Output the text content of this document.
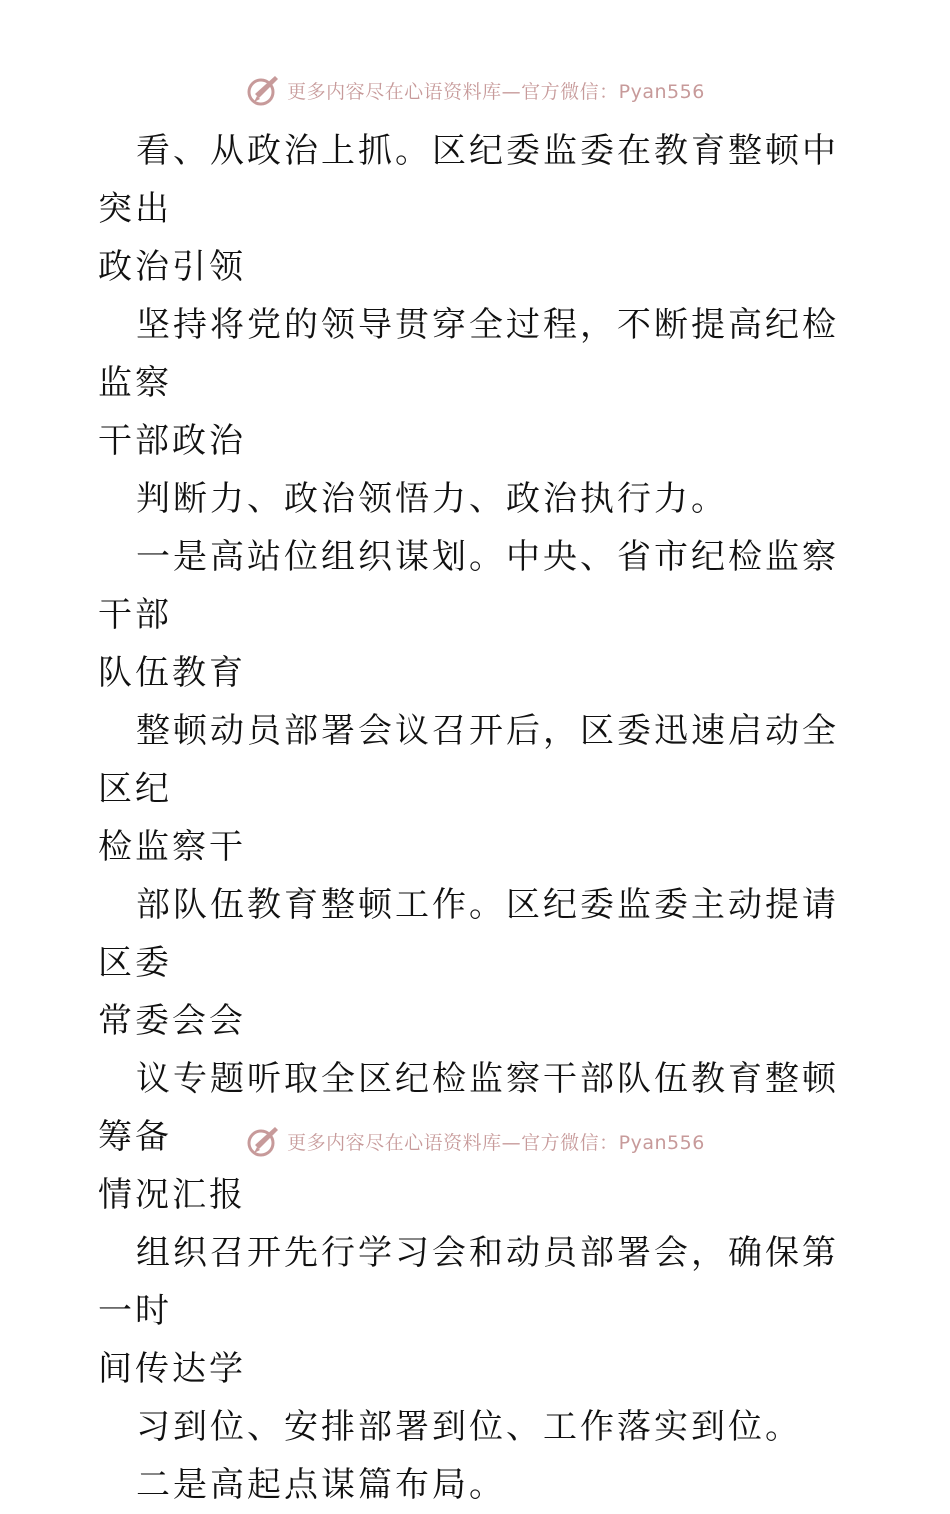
更多内容尽在心语资料库—官方微信：Pyan556

看、从政治上抓。区纪委监委在教育整顿中突出

政治引领

坚持将党的领导贯穿全过程，不断提高纪检监察

干部政治

判断力、政治领悟力、政治执行力。

一是高站位组织谋划。中央、省市纪检监察干部

队伍教育

整顿动员部署会议召开后，区委迅速启动全区纪

检监察干

部队伍教育整顿工作。区纪委监委主动提请区委

常委会会

议专题听取全区纪检监察干部队伍教育整顿筹备

情况汇报

组织召开先行学习会和动员部署会，确保第一时

间传达学

习到位、安排部署到位、工作落实到位。

二是高起点谋篇布局。

更多内容尽在心语资料库—官方微信：Pyan556
